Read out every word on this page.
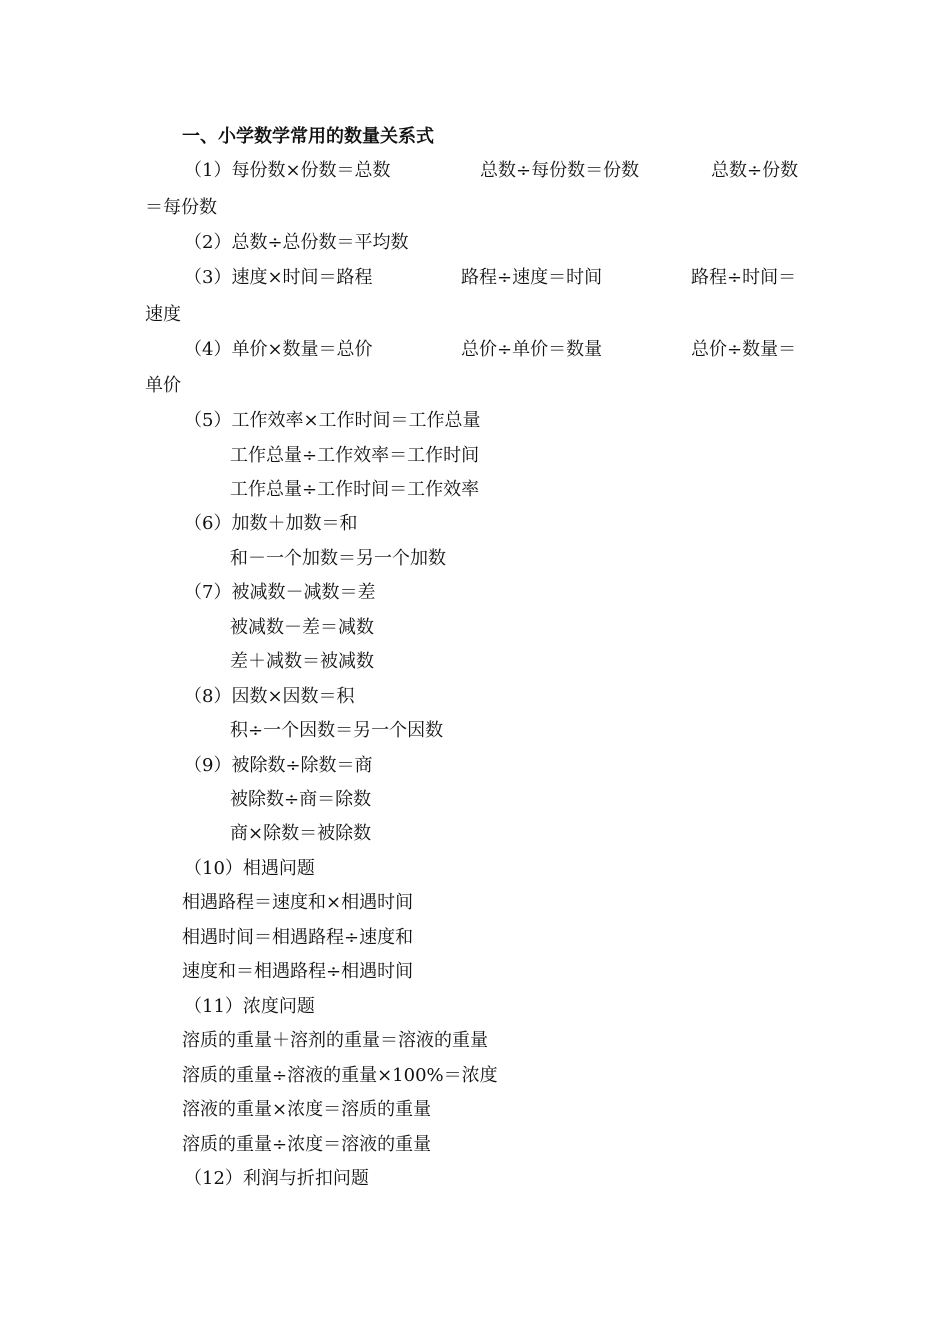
一、小学数学常用的数量关系式
（1）每份数×份数＝总数	总数÷每份数＝份数	总数÷份数
＝每份数
（2）总数÷总份数＝平均数
（3）速度×时间＝路程	路程÷速度＝时间	路程÷时间＝
速度
（4）单价×数量＝总价	总价÷单价＝数量	总价÷数量＝
单价
（5）工作效率×工作时间＝工作总量
工作总量÷工作效率＝工作时间
工作总量÷工作时间＝工作效率
（6）加数＋加数＝和
和－一个加数＝另一个加数
（7）被减数－减数＝差
被减数－差＝减数
差＋减数＝被减数
（8）因数×因数＝积
积÷一个因数＝另一个因数
（9）被除数÷除数＝商
被除数÷商＝除数
商×除数＝被除数
（10）相遇问题
相遇路程＝速度和×相遇时间
相遇时间＝相遇路程÷速度和
速度和＝相遇路程÷相遇时间
（11）浓度问题
溶质的重量＋溶剂的重量＝溶液的重量
溶质的重量÷溶液的重量×100%＝浓度
溶液的重量×浓度＝溶质的重量
溶质的重量÷浓度＝溶液的重量
（12）利润与折扣问题
